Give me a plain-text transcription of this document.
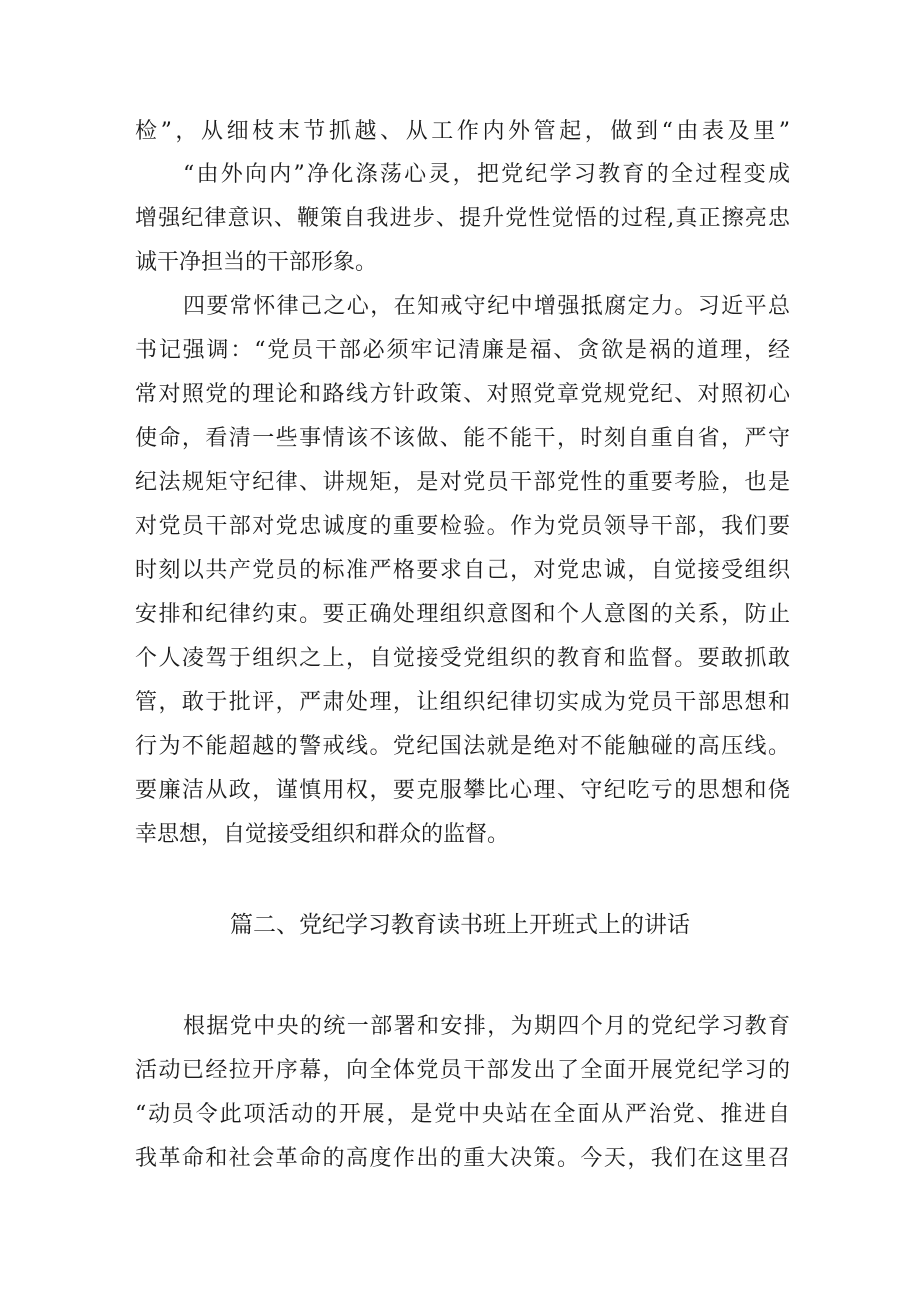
检”，从细枝末节抓越、从工作内外管起，做到“由表及里”
“由外向内”净化涤荡心灵，把党纪学习教育的全过程变成
增强纪律意识、鞭策自我进步、提升党性觉悟的过程,真正擦亮忠
诚干净担当的干部形象。
四要常怀律己之心，在知戒守纪中增强抵腐定力。习近平总
书记强调：“党员干部必须牢记清廉是福、贪欲是祸的道理，经
常对照党的理论和路线方针政策、对照党章党规党纪、对照初心
使命，看清一些事情该不该做、能不能干，时刻自重自省，严守
纪法规矩守纪律、讲规矩，是对党员干部党性的重要考脸，也是
对党员干部对党忠诚度的重要检验。作为党员领导干部，我们要
时刻以共产党员的标准严格要求自己，对党忠诚，自觉接受组织
安排和纪律约束。要正确处理组织意图和个人意图的关系，防止
个人凌驾于组织之上，自觉接受党组织的教育和监督。要敢抓敢
管，敢于批评，严肃处理，让组织纪律切实成为党员干部思想和
行为不能超越的警戒线。党纪国法就是绝对不能触碰的高压线。
要廉洁从政，谨慎用权，要克服攀比心理、守纪吃亏的思想和侥
幸思想，自觉接受组织和群众的监督。
篇二、党纪学习教育读书班上开班式上的讲话
根据党中央的统一部署和安排，为期四个月的党纪学习教育
活动已经拉开序幕，向全体党员干部发出了全面开展党纪学习的
“动员令此项活动的开展，是党中央站在全面从严治党、推进自
我革命和社会革命的高度作出的重大决策。今天，我们在这里召
